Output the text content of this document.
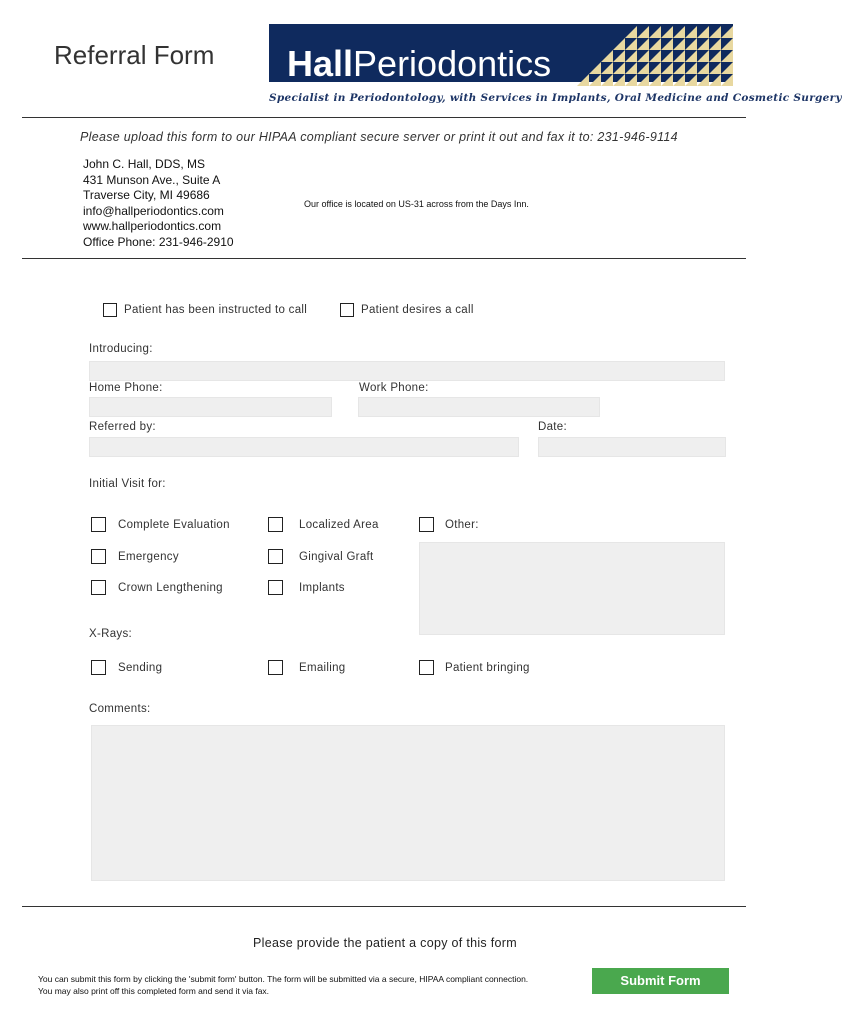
Referral Form HallPeriodontics
Specialist in Periodontology, with Services in Implants, Oral Medicine and Cosmetic Surgery
Please upload this form to our HIPAA compliant secure server or print it out and fax it to: 231-946-9114
John C. Hall, DDS, MS
431 Munson Ave., Suite A
Traverse City, MI 49686
info@hallperiodontics.com
www.hallperiodontics.com
Office Phone: 231-946-2910
Our office is located on US-31 across from the Days Inn.
Patient has been instructed to call	Patient desires a call
Introducing:
Home Phone:	Work Phone:
Referred by:	Date:
Initial Visit for:
Complete Evaluation	Localized Area	Other:
Emergency	Gingival Graft
Crown Lengthening	Implants
X-Rays:
Sending	Emailing	Patient bringing
Comments:
Please provide the patient a copy of this form
You can submit this form by clicking the 'submit form' button. The form will be submitted via a secure, HIPAA compliant connection. You may also print off this completed form and send it via fax.
Submit Form
